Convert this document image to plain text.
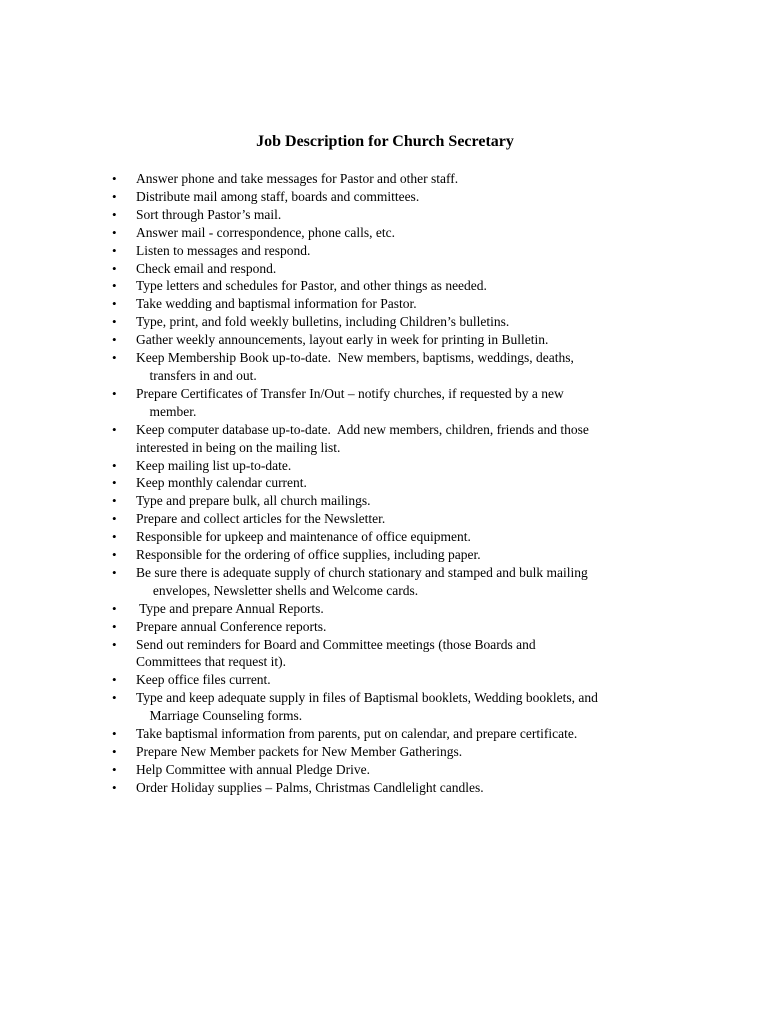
Job Description for Church Secretary
•	Answer phone and take messages for Pastor and other staff.
•	Distribute mail among staff, boards and committees.
•	Sort through Pastor’s mail.
•	Answer mail - correspondence, phone calls, etc.
•	Listen to messages and respond.
•	Check email and respond.
•	Type letters and schedules for Pastor, and other things as needed.
•	Take wedding and baptismal information for Pastor.
•	Type, print, and fold weekly bulletins, including Children’s bulletins.
•	Gather weekly announcements, layout early in week for printing in Bulletin.
•	Keep Membership Book up-to-date.  New members, baptisms, weddings, deaths,
transfers in and out.
•	Prepare Certificates of Transfer In/Out – notify churches, if requested by a new
member.
•	Keep computer database up-to-date.  Add new members, children, friends and those
interested in being on the mailing list.
•	Keep mailing list up-to-date.
•	Keep monthly calendar current.
•	Type and prepare bulk, all church mailings.
•	Prepare and collect articles for the Newsletter.
•	Responsible for upkeep and maintenance of office equipment.
•	Responsible for the ordering of office supplies, including paper.
•	Be sure there is adequate supply of church stationary and stamped and bulk mailing
envelopes, Newsletter shells and Welcome cards.
•	Type and prepare Annual Reports.
•	Prepare annual Conference reports.
•	Send out reminders for Board and Committee meetings (those Boards and
Committees that request it).
•	Keep office files current.
•	Type and keep adequate supply in files of Baptismal booklets, Wedding booklets, and
Marriage Counseling forms.
•	Take baptismal information from parents, put on calendar, and prepare certificate.
•	Prepare New Member packets for New Member Gatherings.
•	Help Committee with annual Pledge Drive.
•	Order Holiday supplies – Palms, Christmas Candlelight candles.
